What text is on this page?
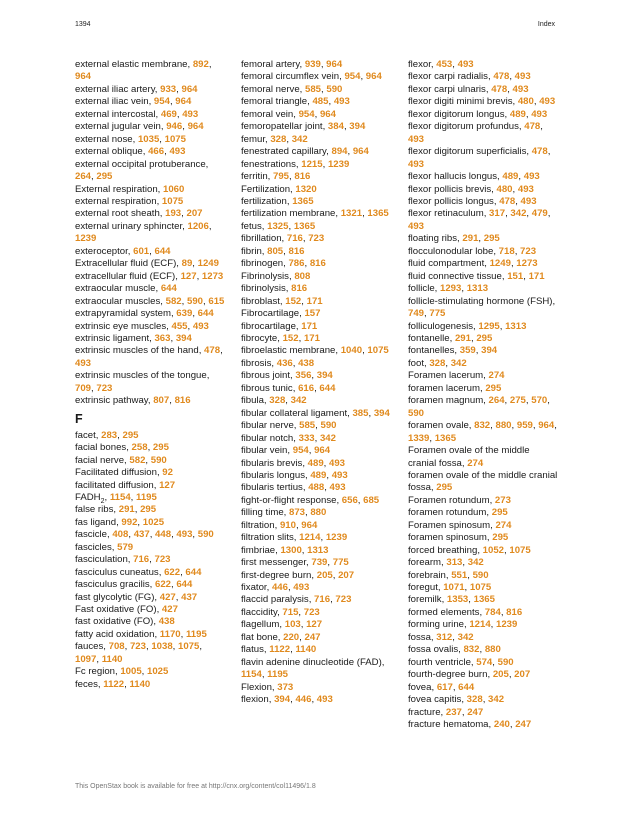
1394	Index
external elastic membrane, 892, 964
external iliac artery, 933, 964
external iliac vein, 954, 964
external intercostal, 469, 493
external jugular vein, 946, 964
external nose, 1035, 1075
external oblique, 466, 493
external occipital protuberance, 264, 295
External respiration, 1060
external respiration, 1075
external root sheath, 193, 207
external urinary sphincter, 1206, 1239
exteroceptor, 601, 644
Extracellular fluid (ECF), 89, 1249
extracellular fluid (ECF), 127, 1273
extraocular muscle, 644
extraocular muscles, 582, 590, 615
extrapyramidal system, 639, 644
extrinsic eye muscles, 455, 493
extrinsic ligament, 363, 394
extrinsic muscles of the hand, 478, 493
extrinsic muscles of the tongue, 709, 723
extrinsic pathway, 807, 816
F
facet, 283, 295
facial bones, 258, 295
facial nerve, 582, 590
Facilitated diffusion, 92
facilitated diffusion, 127
$FADH_2$, 1154, 1195
false ribs, 291, 295
fas ligand, 992, 1025
fascicle, 408, 437, 448, 493, 590
fascicles, 579
fasciculation, 716, 723
fasciculus cuneatus, 622, 644
fasciculus gracilis, 622, 644
fast glycolytic (FG), 427, 437
Fast oxidative (FO), 427
fast oxidative (FO), 438
fatty acid oxidation, 1170, 1195
fauces, 708, 723, 1038, 1075, 1097, 1140
Fc region, 1005, 1025
feces, 1122, 1140
femoral artery, 939, 964
femoral circumflex vein, 954, 964
femoral nerve, 585, 590
femoral triangle, 485, 493
femoral vein, 954, 964
femoropatellar joint, 384, 394
femur, 328, 342
fenestrated capillary, 894, 964
fenestrations, 1215, 1239
ferritin, 795, 816
Fertilization, 1320
fertilization, 1365
fertilization membrane, 1321, 1365
fetus, 1325, 1365
fibrillation, 716, 723
fibrin, 805, 816
fibrinogen, 786, 816
Fibrinolysis, 808
fibrinolysis, 816
fibroblast, 152, 171
Fibrocartilage, 157
fibrocartilage, 171
fibrocyte, 152, 171
fibroelastic membrane, 1040, 1075
fibrosis, 436, 438
fibrous joint, 356, 394
fibrous tunic, 616, 644
fibula, 328, 342
fibular collateral ligament, 385, 394
fibular nerve, 585, 590
fibular notch, 333, 342
fibular vein, 954, 964
fibularis brevis, 489, 493
fibularis longus, 489, 493
fibularis tertius, 488, 493
fight-or-flight response, 656, 685
filling time, 873, 880
filtration, 910, 964
filtration slits, 1214, 1239
fimbriae, 1300, 1313
first messenger, 739, 775
first-degree burn, 205, 207
fixator, 446, 493
flaccid paralysis, 716, 723
flaccidity, 715, 723
flagellum, 103, 127
flat bone, 220, 247
flatus, 1122, 1140
flavin adenine dinucleotide (FAD), 1154, 1195
Flexion, 373
flexion, 394, 446, 493
flexor, 453, 493
flexor carpi radialis, 478, 493
flexor carpi ulnaris, 478, 493
flexor digiti minimi brevis, 480, 493
flexor digitorum longus, 489, 493
flexor digitorum profundus, 478, 493
flexor digitorum superficialis, 478, 493
flexor hallucis longus, 489, 493
flexor pollicis brevis, 480, 493
flexor pollicis longus, 478, 493
flexor retinaculum, 317, 342, 479, 493
floating ribs, 291, 295
flocculonodular lobe, 718, 723
fluid compartment, 1249, 1273
fluid connective tissue, 151, 171
follicle, 1293, 1313
follicle-stimulating hormone (FSH), 749, 775
folliculogenesis, 1295, 1313
fontanelle, 291, 295
fontanelles, 359, 394
foot, 328, 342
Foramen lacerum, 274
foramen lacerum, 295
foramen magnum, 264, 275, 570, 590
foramen ovale, 832, 880, 959, 964, 1339, 1365
Foramen ovale of the middle cranial fossa, 274
foramen ovale of the middle cranial fossa, 295
Foramen rotundum, 273
foramen rotundum, 295
Foramen spinosum, 274
foramen spinosum, 295
forced breathing, 1052, 1075
forearm, 313, 342
forebrain, 551, 590
foregut, 1071, 1075
foremilk, 1353, 1365
formed elements, 784, 816
forming urine, 1214, 1239
fossa, 312, 342
fossa ovalis, 832, 880
fourth ventricle, 574, 590
fourth-degree burn, 205, 207
fovea, 617, 644
fovea capitis, 328, 342
fracture, 237, 247
fracture hematoma, 240, 247
This OpenStax book is available for free at http://cnx.org/content/col11496/1.8
